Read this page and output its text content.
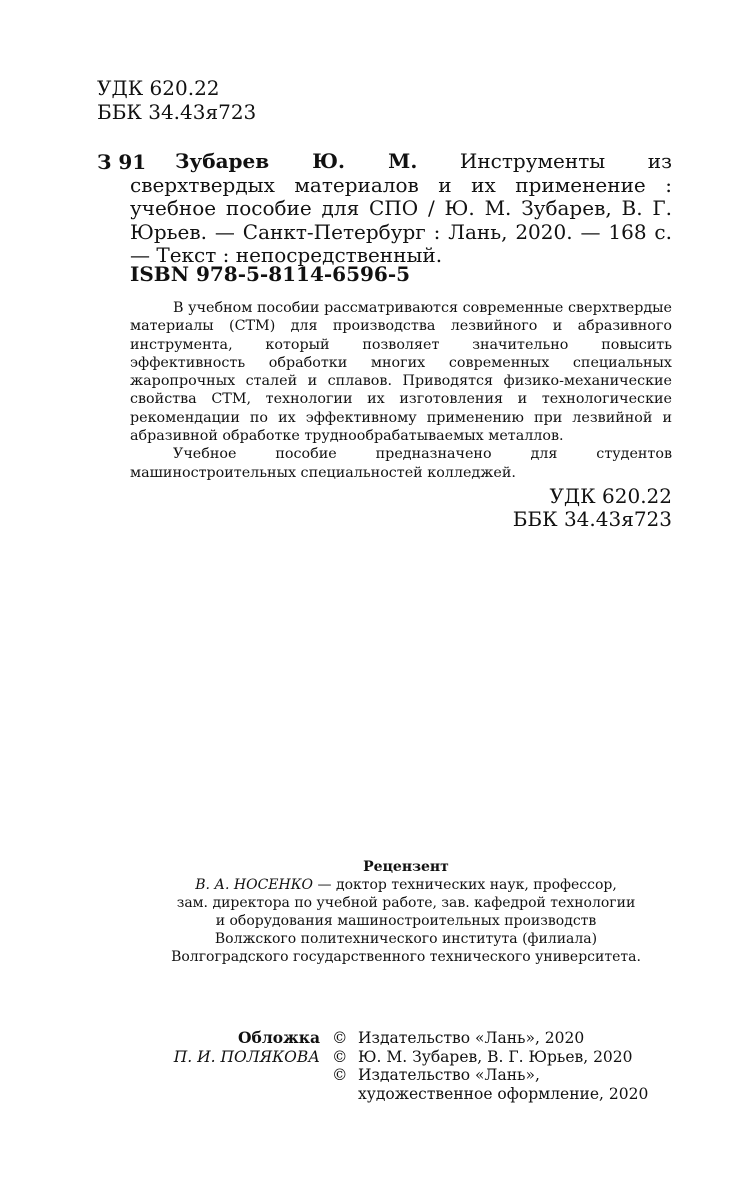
УДК 620.22
ББК 34.43я723
З 91	Зубарев Ю. М. Инструменты из сверхтвердых материалов и их применение : учебное пособие для СПО / Ю. М. Зубарев, В. Г. Юрьев. — Санкт-Петербург : Лань, 2020. — 168 с. — Текст : непосредственный.
ISBN 978-5-8114-6596-5

В учебном пособии рассматриваются современные сверхтвердые материалы (СТМ) для производства лезвийного и абразивного инструмента, который позволяет значительно повысить эффективность обработки многих современных специальных жаропрочных сталей и сплавов. Приводятся физико-механические свойства СТМ, технологии их изготовления и технологические рекомендации по их эффективному применению при лезвийной и абразивной обработке труднообрабатываемых металлов.

Учебное пособие предназначено для студентов машиностроительных специальностей колледжей.

УДК 620.22
ББК 34.43я723
Рецензент
В. А. НОСЕНКО — доктор технических наук, профессор,
зам. директора по учебной работе, зав. кафедрой технологии
и оборудования машиностроительных производств
Волжского политехнического института (филиала)
Волгоградского государственного технического университета.
Обложка
П. И. ПОЛЯКОВА
© Издательство «Лань», 2020
© Ю. М. Зубарев, В. Г. Юрьев, 2020
© Издательство «Лань»,
художественное оформление, 2020
